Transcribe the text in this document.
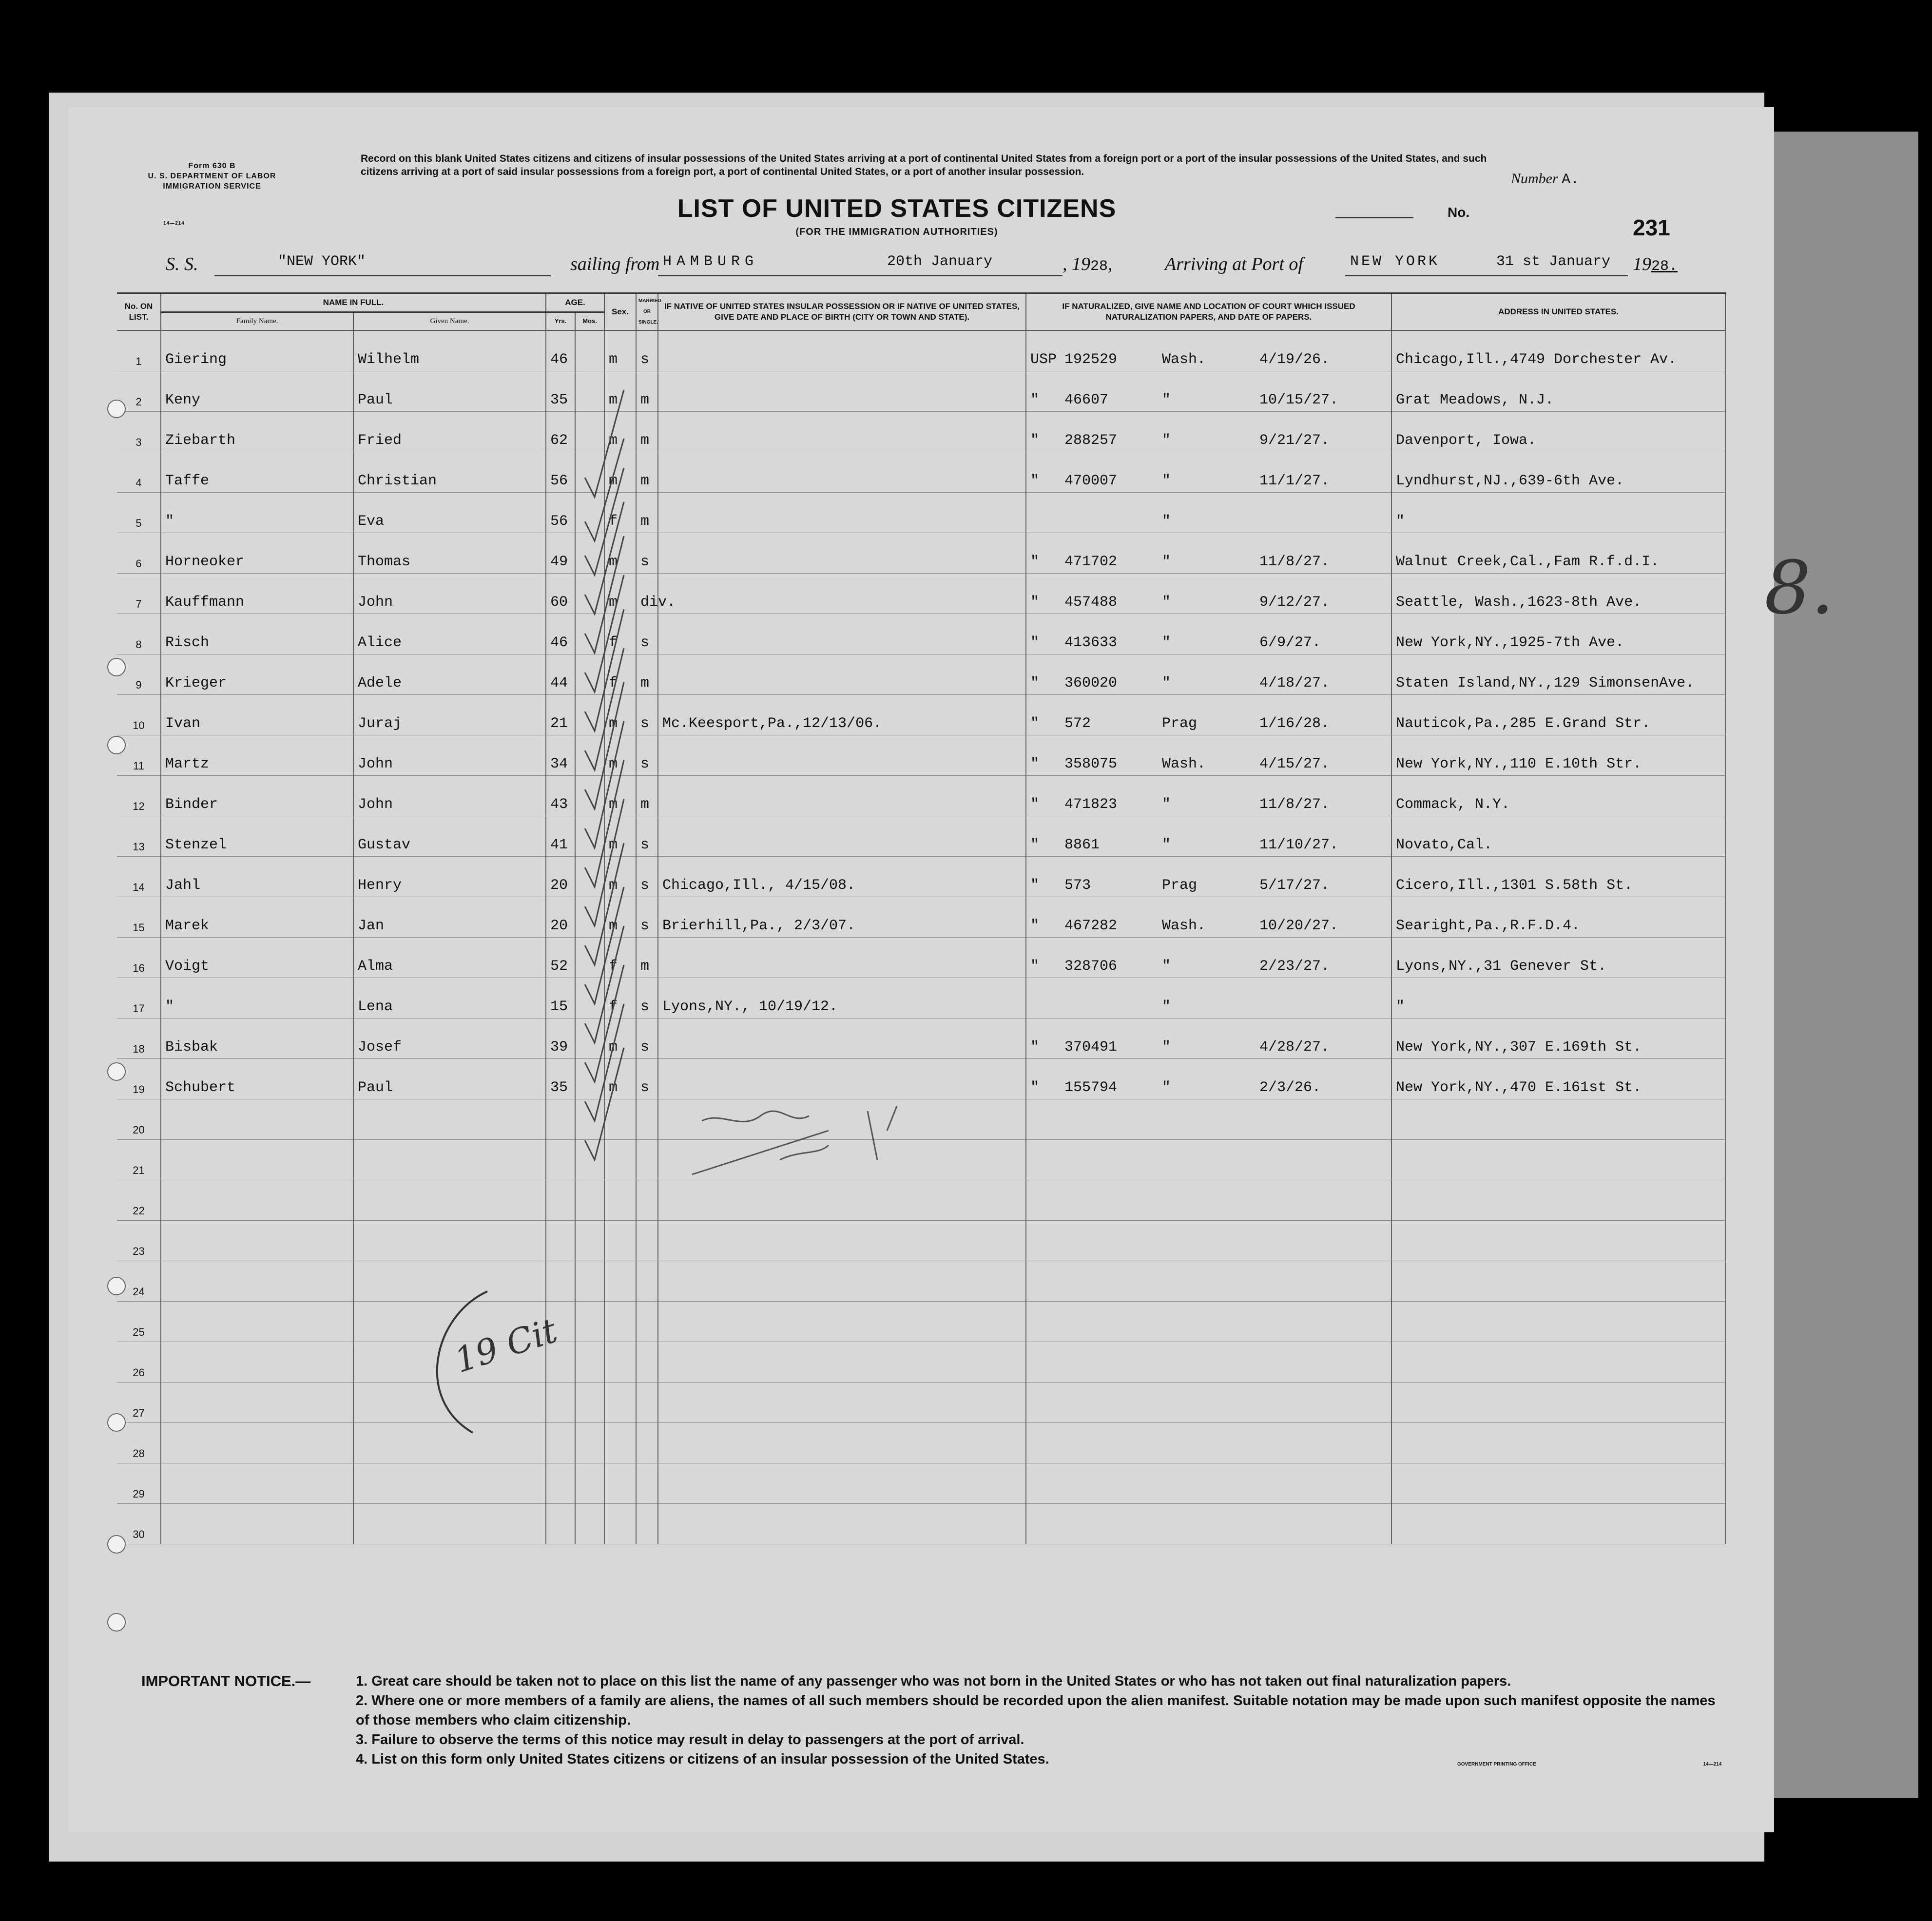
Form 630 B
U. S. DEPARTMENT OF LABOR
IMMIGRATION SERVICE
14—214
Record on this blank United States citizens and citizens of insular possessions of the United States arriving at a port of continental United States from a foreign port or a port of the insular possessions of the United States, and such citizens arriving at a port of said insular possessions from a foreign port, a port of continental United States, or a port of another insular possession.	Number A.
LIST OF UNITED STATES CITIZENS
(FOR THE IMMIGRATION AUTHORITIES)
No.
231
S. S.	"NEW YORK"	sailing from HAMBURG	20th January	, 1928,	Arriving at Port of	NEW YORK	31 st January 1928.
No. ON LIST.	NAME IN FULL.		AGE.		Sex.	MARRIED OR SINGLE.	IF NATIVE OF UNITED STATES INSULAR POSSESSION OR IF NATIVE OF UNITED STATES, GIVE DATE AND PLACE OF BIRTH (CITY OR TOWN AND STATE).	IF NATURALIZED, GIVE NAME AND LOCATION OF COURT WHICH ISSUED NATURALIZATION PAPERS, AND DATE OF PAPERS.	ADDRESS IN UNITED STATES.
	Family Name.	Given Name.	Yrs.	Mos.					
1	Giering	Wilhelm	46		m	s		USP 192529 Wash. 4/19/26.	Chicago,Ill.,4749 Dorchester Av.
2	Keny	Paul	35		m	m		" 46607 " 10/15/27.	Grat Meadows, N.J.
3	Ziebarth	Fried	62		m	m		" 288257 " 9/21/27.	Davenport, Iowa.
4	Taffe	Christian	56		m	m		" 470007 " 11/1/27.	Lyndhurst,NJ.,639-6th Ave.
5	"	Eva	56		f	m		"	"
6	Horneoker	Thomas	49		m	s		" 471702 " 11/8/27.	Walnut Creek,Cal.,Fam R.f.d.I.
7	Kauffmann	John	60		m	div.		" 457488 " 9/12/27.	Seattle, Wash.,1623-8th Ave.
8	Risch	Alice	46		f	s		" 413633 " 6/9/27.	New York,NY.,1925-7th Ave.
9	Krieger	Adele	44		f	m		" 360020 " 4/18/27.	Staten Island,NY.,129 SimonsenAve.
10	Ivan	Juraj	21		m	s	Mc.Keesport,Pa.,12/13/06.	" 572 Prag 1/16/28.	Nauticok,Pa.,285 E.Grand Str.
11	Martz	John	34		m	s		" 358075 Wash. 4/15/27.	New York,NY.,110 E.10th Str.
12	Binder	John	43		m	m		" 471823 " 11/8/27.	Commack, N.Y.
13	Stenzel	Gustav	41		m	s		" 8861 " 11/10/27.	Novato,Cal.
14	Jahl	Henry	20		m	s	Chicago,Ill., 4/15/08.	" 573 Prag 5/17/27.	Cicero,Ill.,1301 S.58th St.
15	Marek	Jan	20		m	s	Brierhill,Pa., 2/3/07.	" 467282 Wash. 10/20/27.	Searight,Pa.,R.F.D.4.
16	Voigt	Alma	52		f	m		" 328706 " 2/23/27.	Lyons,NY.,31 Genever St.
17	"	Lena	15		f	s	Lyons,NY., 10/19/12.	"	"
18	Bisbak	Josef	39		m	s		" 370491 " 4/28/27.	New York,NY.,307 E.169th St.
19	Schubert	Paul	35		m	s		" 155794 " 2/3/26.	New York,NY.,470 E.161st St.
20									
21									
22									
23									
24									
25									
26									
27									
28									
29									
30									
8.
19 Cit
IMPORTANT NOTICE.—	1. Great care should be taken not to place on this list the name of any passenger who was not born in the United States or who has not taken out final naturalization papers.
2. Where one or more members of a family are aliens, the names of all such members should be recorded upon the alien manifest. Suitable notation may be made upon such manifest opposite the names of those members who claim citizenship.
3. Failure to observe the terms of this notice may result in delay to passengers at the port of arrival.
4. List on this form only United States citizens or citizens of an insular possession of the United States.	GOVERNMENT PRINTING OFFICE	14—214
